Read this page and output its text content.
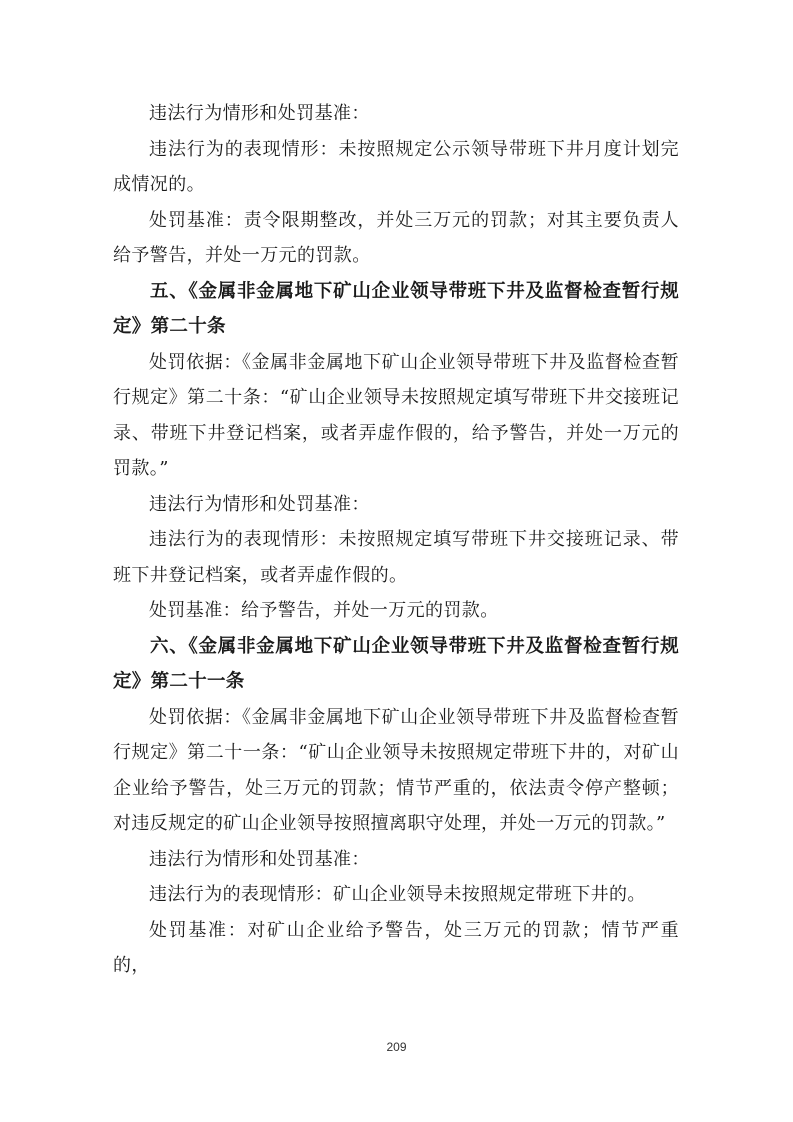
违法行为情形和处罚基准：

违法行为的表现情形：未按照规定公示领导带班下井月度计划完成情况的。

处罚基准：责令限期整改，并处三万元的罚款；对其主要负责人给予警告，并处一万元的罚款。

五、《金属非金属地下矿山企业领导带班下井及监督检查暂行规定》第二十条

处罚依据：《金属非金属地下矿山企业领导带班下井及监督检查暂行规定》第二十条：“矿山企业领导未按照规定填写带班下井交接班记录、带班下井登记档案，或者弄虚作假的，给予警告，并处一万元的罚款。”

违法行为情形和处罚基准：

违法行为的表现情形：未按照规定填写带班下井交接班记录、带班下井登记档案，或者弄虚作假的。

处罚基准：给予警告，并处一万元的罚款。

六、《金属非金属地下矿山企业领导带班下井及监督检查暂行规定》第二十一条

处罚依据：《金属非金属地下矿山企业领导带班下井及监督检查暂行规定》第二十一条：“矿山企业领导未按照规定带班下井的，对矿山企业给予警告，处三万元的罚款；情节严重的，依法责令停产整顿；对违反规定的矿山企业领导按照擅离职守处理，并处一万元的罚款。”

违法行为情形和处罚基准：

违法行为的表现情形：矿山企业领导未按照规定带班下井的。

处罚基准：对矿山企业给予警告，处三万元的罚款；情节严重的，

209
